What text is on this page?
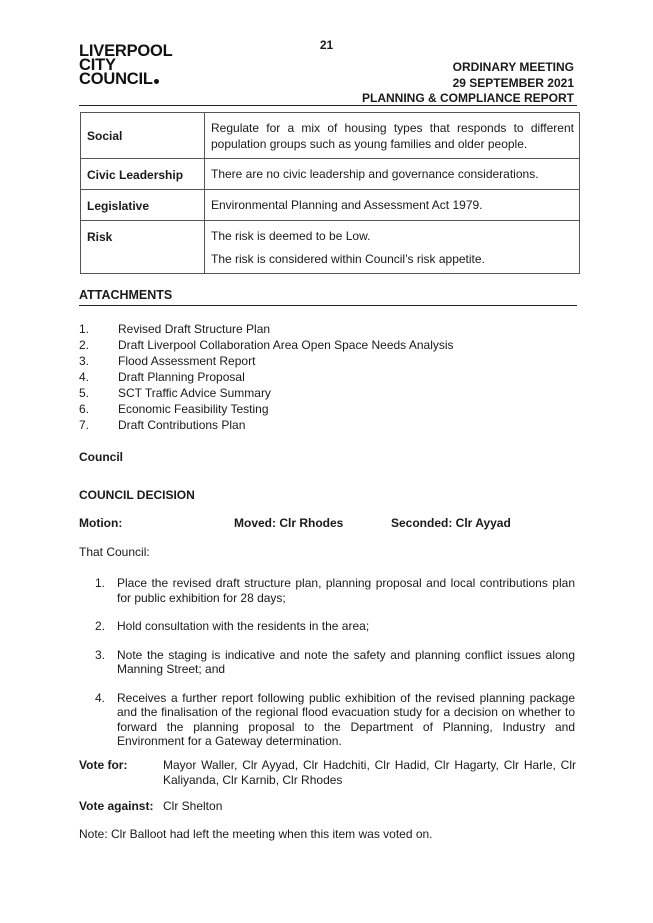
21
LIVERPOOL
CITY
COUNCIL
ORDINARY MEETING
29 SEPTEMBER 2021
PLANNING & COMPLIANCE REPORT
Social	Regulate for a mix of housing types that responds to different population groups such as young families and older people.

Civic Leadership	There are no civic leadership and governance considerations.

Legislative	Environmental Planning and Assessment Act 1979.

Risk	The risk is deemed to be Low.

The risk is considered within Council’s risk appetite.

ATTACHMENTS
1.	Revised Draft Structure Plan
2.	Draft Liverpool Collaboration Area Open Space Needs Analysis
3.	Flood Assessment Report
4.	Draft Planning Proposal
5.	SCT Traffic Advice Summary
6.	Economic Feasibility Testing
7.	Draft Contributions Plan
Council
COUNCIL DECISION
Motion:	Moved: Clr Rhodes	Seconded: Clr Ayyad
That Council:
1. Place the revised draft structure plan, planning proposal and local contributions plan for public exhibition for 28 days;
2. Hold consultation with the residents in the area;
3. Note the staging is indicative and note the safety and planning conflict issues along Manning Street; and
4. Receives a further report following public exhibition of the revised planning package and the finalisation of the regional flood evacuation study for a decision on whether to forward the planning proposal to the Department of Planning, Industry and Environment for a Gateway determination.
Vote for:	Mayor Waller, Clr Ayyad, Clr Hadchiti, Clr Hadid, Clr Hagarty, Clr Harle, Clr Kaliyanda, Clr Karnib, Clr Rhodes
Vote against: Clr Shelton
Note: Clr Balloot had left the meeting when this item was voted on.
